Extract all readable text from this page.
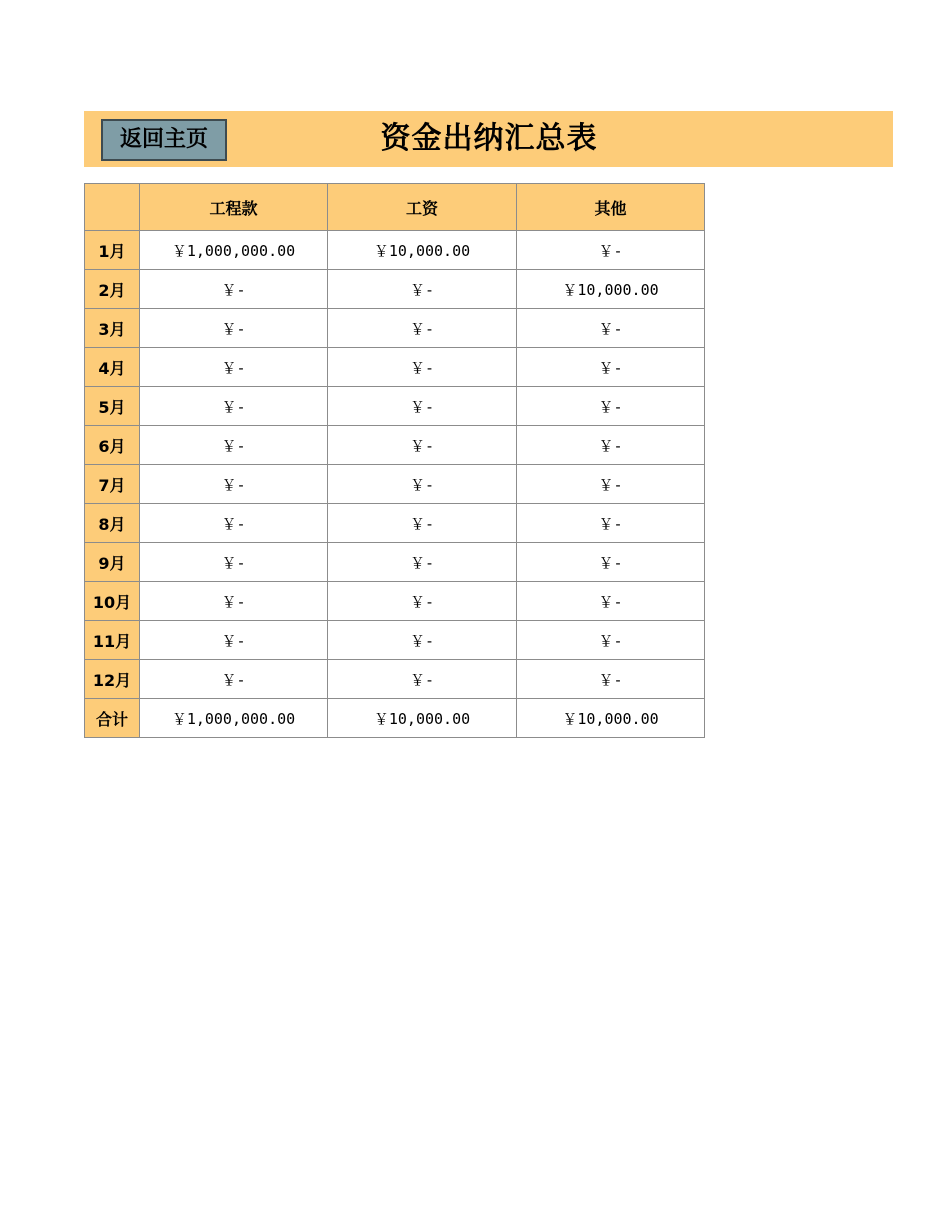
返回主页	资金出纳汇总表
	工程款	工资	其他
1月	￥1,000,000.00	￥10,000.00	￥-
2月	￥-	￥-	￥10,000.00
3月	￥-	￥-	￥-
4月	￥-	￥-	￥-
5月	￥-	￥-	￥-
6月	￥-	￥-	￥-
7月	￥-	￥-	￥-
8月	￥-	￥-	￥-
9月	￥-	￥-	￥-
10月	￥-	￥-	￥-
11月	￥-	￥-	￥-
12月	￥-	￥-	￥-
合计	￥1,000,000.00	￥10,000.00	￥10,000.00
